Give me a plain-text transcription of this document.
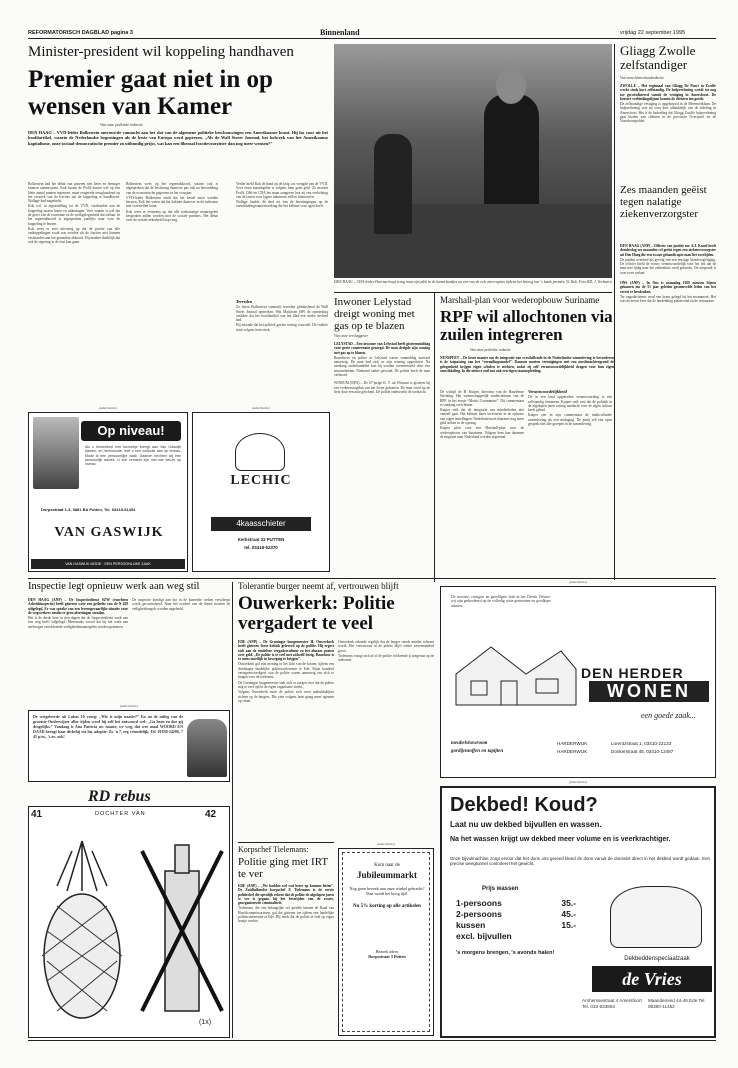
REFORMATORISCH DAGBLAD pagina 3	Binnenland	vrijdag 22 september 1995
Minister-president wil koppeling handhaven
Premier gaat niet in op wensen van Kamer
Van onze politieke redactie
DEN HAAG – VVD-leider Bolkestein ontvouwde vannacht aan het slot van de algemene politieke beschouwingen een Amerikaanse kraut. Hij las voor uit het hoofdartikel, waarin de Nederlandse begrotingen als de beste van Europa werd geprezen. „Als de Wall Street Journal, het bolwerk van het Amerikaanse kapitalisme, onze sociaal-democratische premier zo uitbundig prijst, wat kan een liberaal fractievoorzitter dan nog meer wensen?”

Bolkestein had het debat van gisteren niet beter en feestiger kunnen samenvatten. Kok kwam de PvdA-fractie wel op een klein aantal punten tegemoet, maar reageerde terughoudend op het verzoek van de fracties om de koppeling te handhaven. Wallage had nagedacht.

Kok wil, in tegenstelling tot de VVD, vasthouden aan de koppeling tussen lonen en uitkeringen. Voor waarin is wel dat de groei van de economie en de werkgelegenheid dat toelaat. In het regeerakkoord is afgesproken jaarlijks naar voor de koppeling te bezien.

Kok wees er zeer uitvoerig op dat de positie van alle ontkoppelingen zwak zou worden als de fracties niet kunnen vasthouden aan het gemaakte akkoord. Hij maakte duidelijk dat ook de regering in de fout kan gaan.

Bolkestein wees op het regeerakkoord, waarin ook is afgesproken dat de beslissing daarover pas valt na beoordeling van de economische gegevens in het voorjaar.

VVD-leider Bolkestein vindt dat het bestel moet worden herzien. Kok liet weten dat het kabinet daarover in de toekomst met voorstellen komt.

Kok wees er eveneens op dat alle toekomstige maatregelen besproken zullen worden met de sociale partners. Het debat over de sociale zekerheid loopt nog.

Verder hield Kok de hand op de knip, tot vreugde van de VVD. Voor extra maatregelen is volgens hem geen geld. Zo moeten PvdA, D66 en CDA het maar aangeven hoe zij een verlichting van de lasten voor lagere inkomens willen financieren.

Wallage haalde dit deel uit van de bezuinigingen op de ontwikkelingssamenwerking die het kabinet voor ogen heeft.

DEN HAAG – CDA-leider Heerma loopt terug naar zijn plek in de kamerbankjes na een van de vele interrupties tijdens het betoog van 's lands premier, W. Kok. Foto RD, J. Verbaarn

Terreden

Zo lieten Bolkestein vannacht tevreden glimlachend de Wall Street Journal opmerken. Wat Matijssen (SP) de opmerking ontlokte dat het hoofdartikel van het blad een sterke invloed had.

Hij erkende dat het politiek gezien weinig voorstelt. De coalitie staat volgens hem sterk.

Gliagg Zwolle zelfstandiger
Van onze binnenlandredactie

ZWOLLE – Het regionaal van Gliagg De Poort in Zwolle werkt sinds kort zelfstandig. De hulpverlening wordt tot nog toe gecoördineerd vanuit de vestiging in Amersfoort. De kortere verbindingslijnen komen de cliënten ten goede.

De zelfstandige vestiging is opgebouwd in de Meenwerklaan. De hulpverlening was tot voor kort afhankelijk van de afdeling in Amersfoort. Het is de bedoeling dat Gliagg Zwolle hulpverlening gaat bieden aan cliënten in de provincie Overijssel en de Noordoostpolder.

Zes maanden geëist tegen nalatige ziekenverzorgster

DEN HAAG (ANP) – Officier van justitie mr. A.J. Knoef heeft donderdag zes maanden cel geëist tegen een ziekenverzorgster uit Den Haag die een zwaar gehandicapte man liet overlijden.

De patiënt overleed als gevolg van een ernstige bloedvergiftiging. De officier hield de vrouw verantwoordelijk voor het feit dat de man niet tijdig naar het ziekenhuis werd gebracht. De uitspraak is over twee weken.

ONS (ANP) – In Ons is maandag 1050 mensen bijeen gekomen om de 51 jaar geleden gesneuvelde leden van het verzet te herdenken.

Ter nagedachtenis werd een krans gelegd bij het monument. Het was de eerste keer dat de herdenking plaatsvond na de restauratie.

Inwoner Lelystad dreigt woning met gas op te blazen
Van onze verslaggever

LELYSTAD – Een inwoner van Lelystad heeft gisterenmiddag voor grote consternatie gezorgd. De man dreigde zijn woning met gas op te blazen.

Brandweer en politie in Lelystad waren vanmiddag massaal aanwezig. De man had zich in zijn woning opgesloten. Na urenlang onderhandelen kon hij worden overmeesterd door een arrestatieteam. Niemand raakte gewond. De politie heeft de man verhoord.

WINSUM (DPA) – De 67-jarige K. T. uit Winsum is gisteren bij een verkeersongeluk om het leven gekomen. De man werd op de fiets door een auto geschept. De politie onderzoekt de toedracht.

Marshall-plan voor wederopbouw Suriname
RPF wil allochtonen via zuilen integreren
Van onze politieke redactie
NUNSPEET – De beste manier om de integratie van verschillende in de Nederlandse samenleving te bevorderen is de toepassing van het “verzuilingsmodel”. Daarom moeten verenigingen met een moslimachtergrond de gelegenheid krijgen eigen scholen te stichten, zodat zij zelf verantwoordelijkheid dragen voor hun eigen ontwikkeling. In die nieuwe zuil zou ook een eigen staatsopleiding.

De schrijft de B. Kuiper, directeur van de Haarlemse Stichting. Het wetenschappelijk studiecentrum van de RPF, in het eerste “Mortis Contramine”. Dit commentaar is vandaag verschenen.

Kuiper stelt dat de integratie van minderheden niet vanzelf gaat. Het kabinet moet investeren in de opbouw van eigen instellingen. Nederland moet daarmee nog meer geld steken in de opvang.

Kuiper pleit voor een Marshall-plan voor de wederopbouw van Suriname. Volgens hem kan daarmee de migratie naar Nederland worden afgeremd.

Verantwoordelijkheid

De in een land opgetreden verantwoording is een zelfstandig fenomeen. Kuiper stelt vast dat de politiek in de afgelopen jaren weinig aandacht voor de eigen cultuur heeft gehad.

Kuiper ziet in zijn commentaar de multiculturele samenleving als een uitdaging. De partij wil een open gesprek met alle groepen in de samenleving.

(advertentie)
Op niveau!
Als u binnenkort een bezoekje brengt aan Van Gaswijk dames- en herenmode, treft u een collectie aan op niveau. Mode is een persoonlijke zaak. Daarom hechten wij een persoonlijk advies. U zult versteld zijn met wie keuze op niveau.
Dorpsstraat 1-3, 3881 BA Putten, Tel. 03418-51404
VAN GASWIJK
VAN GASWIJK MODE · EEN PERSOONLIJKE ZAAK
(advertentie)
LECHIC
4kaasschieter
Kerkstraat 32 PUTTEN
tel. 03418-52370
Inspectie legt opnieuw werk aan weg stil

DEN HAAG (ANP) – De Inspectiedienst SZW (voorheen Arbeidsinspectie) heeft gisteren weer een gedeelte van de N 458 stilgelegd. Er was sprake van een levensgevaarlijke situatie voor de wegwerkers omdat er geen afzettingen stonden.

Het is de derde keer in tien dagen dat de Inspectiedienst werk aan een weg heeft stilgelegd. Meermaals vooral dat bij het werk aan snelwegen onvoldoende veiligheidsmaatregelen worden genomen.

De inspectie kondigt aan dat in de komende weken verscherpt wordt gecontroleerd. Naar het oordeel van de dienst moeten de veiligheidsregels worden nageleefd.

(advertentie)
De wetgeleerde uit Lukas 10 vroeg: „Wie is mijn naaste?” En na de uitleg van de grootste Onderwijzer aller tijden werd hij zelf het antwoord wel: „Ga heen en doe gij desgelijks.” Vandaag is Ana Patricia uw naaste, we weg, dat wee maal WOORD EN DAAD brengt haar dichtbij via lin, adoptie. Zo ’n 7, erg vriendelijk, Tel. 01830-24286, 7 45 p/m., ’s av. ook!
RD rebus
41	DOCHTER VAN	42
(1x)
Tolerantie burger neemt af, vertrouwen blijft
Ouwerkerk: Politie vergadert te veel

EDE (ANP) – De Groningse burgemeester H. Ouwerkerk heeft gisteren forse kritiek geleverd op de politie. Hij ergert zich aan de eindeloze vergadercultuur en het almaar praten over geld. „De politie is te veel met zichzelf bezig. Daardoor is er soms moeilijk in beweging te krijgen”.

Ouwerkerk gaf zijn mening in het licht van de kosten, tijdens een driedaagse landelijke politieconferentie te Ede. Bijna honderd vertegenwoordigers van de politie waren aanwezig om zich te buigen over de toekomst.

De Groningse burgemeester stelt zich er zorgen over dat de politie nog te veel tijd in de eigen organisatie steekt.

Volgens Ouwerkerk moet de politie zich weer nadrukkelijker richten op de burgers. Die zien volgens hem graag meer agenten op straat.

Ouwerkerk erkende tegelijk dat de burger steeds minder tolerant wordt. Het vertrouwen in de politie blijft echter onverminderd groot.

Tielemans vraagt zich af of de politie voldoende is toegerust op de toekomst.

Korpschef Tielemans:
Politie ging met IRT te ver

EDE (ANP) – „We hadden wel wat beter op kunnen letten”. De Zuidhollandse korpschef F. Tielemans is de eerste politiechef die openlijk erkent dat de politie de afgelopen jaren te ver is gegaan bij het bestrijden van de zware, georganiseerde criminaliteit.

Tielemans, die een belangrijke rol speelde binnen de Raad van Hoofdcommissarissen, gaf dat gisteren toe tijdens een landelijke politieconferentie te Ede. Hij vindt dat de politie te veel op eigen houtje werkte.

(advertentie)
Kom naar de
Jubileummarkt
Nog goen bezoek aan onze winkel gebracht?
Dan wordt het hoog tijd!
Nu 5% korting op alle artikelen
Bezoek adres
Dorpsstraat 3 Putten
(advertentie)
De mooiste, rustigste en gezelligste vlak in het Drents Veluwe: wij zijn gedoodeerd op de volledig witte gesteenten en goedkope ruimtes.
DEN HERDER
WONEN
een goede zaak...
meubelshowroom
gordijnstoffen en tapijten
HARDERWIJK	Lorentzstraat 1, 03410-22133
HARDERWIJK	Donkerstraat 45, 03410-12487
(advertentie)
Dekbed! Koud?
Laat nu uw dekbed bijvullen en wassen.
Na het wassen krijgt uw dekbed meer volume en is veerkrachtiger.
Onze bijvulmachine zorgt ervoor dat het dons ons gereed kleed de dons vanuit de donsslot direct in het dekbed wordt gedaan. Een precise weegtunnel controleert het gewicht.
Prijs wassen
1-persoons	35.-
2-persoons	45.-
kussen	15.-
excl. bijvullen
's morgens brengen, 's avonds halen!
Dekbeddenspeciaalzaak
de Vries
Arnhemsestraat 4 Amersfoort Tel. 033-633863
Maandereind 44-46 Ede Tel. 08380-11452
